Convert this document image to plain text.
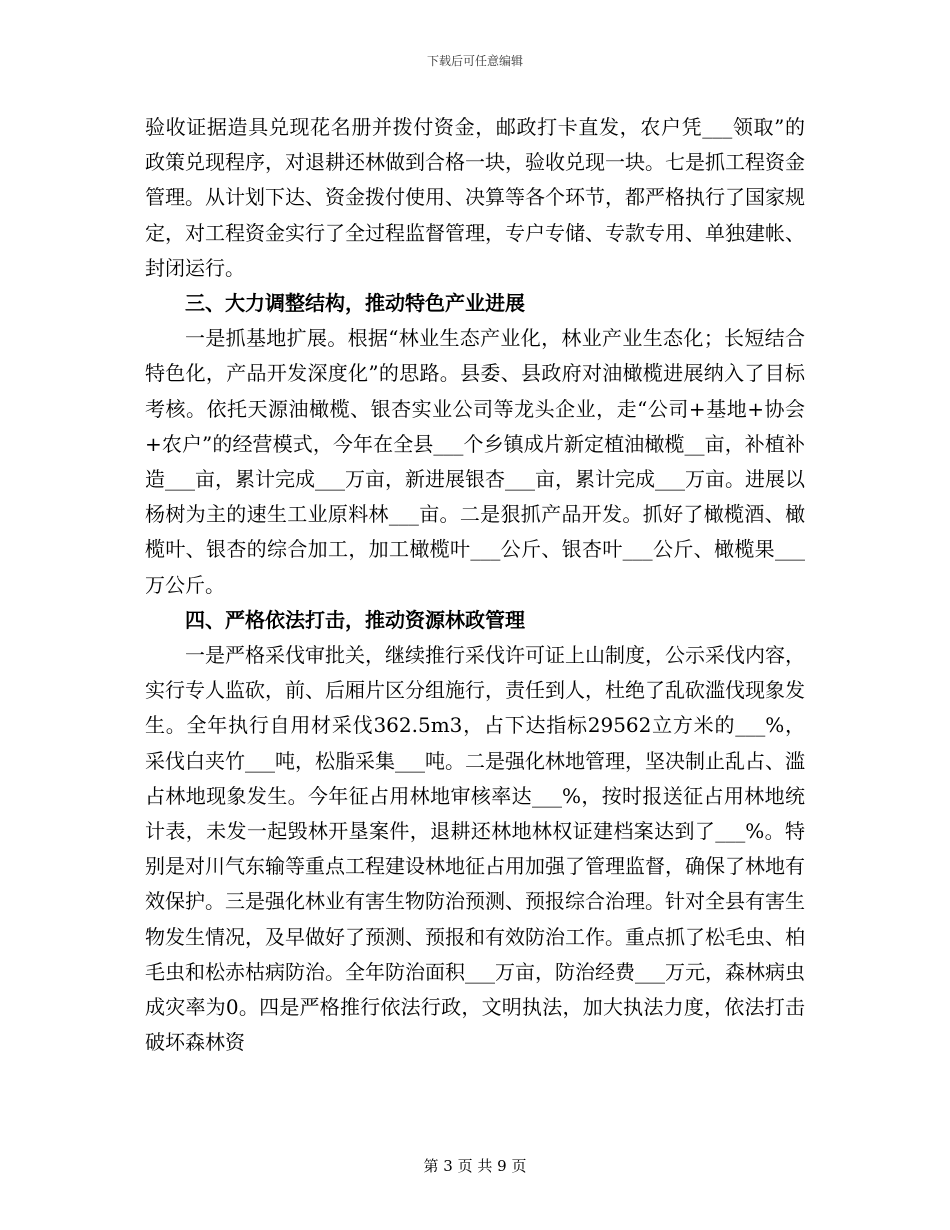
下载后可任意编辑

验收证据造具兑现花名册并拨付资金，邮政打卡直发，农户凭___领取”的政策兑现程序，对退耕还林做到合格一块，验收兑现一块。七是抓工程资金管理。从计划下达、资金拨付使用、决算等各个环节，都严格执行了国家规定，对工程资金实行了全过程监督管理，专户专储、专款专用、单独建帐、封闭运行。

三、大力调整结构，推动特色产业进展

一是抓基地扩展。根据“林业生态产业化，林业产业生态化；长短结合特色化，产品开发深度化”的思路。县委、县政府对油橄榄进展纳入了目标考核。依托天源油橄榄、银杏实业公司等龙头企业，走“公司+基地+协会+农户”的经营模式，今年在全县___个乡镇成片新定植油橄榄__亩，补植补造___亩，累计完成___万亩，新进展银杏___亩，累计完成___万亩。进展以杨树为主的速生工业原料林___亩。二是狠抓产品开发。抓好了橄榄酒、橄榄叶、银杏的综合加工，加工橄榄叶___公斤、银杏叶___公斤、橄榄果___万公斤。

四、严格依法打击，推动资源林政管理

一是严格采伐审批关，继续推行采伐许可证上山制度，公示采伐内容，实行专人监砍，前、后厢片区分组施行，责任到人，杜绝了乱砍滥伐现象发生。全年执行自用材采伐362.5m3，占下达指标29562立方米的___%，采伐白夹竹___吨，松脂采集___吨。二是强化林地管理，坚决制止乱占、滥占林地现象发生。今年征占用林地审核率达___%，按时报送征占用林地统计表，未发一起毁林开垦案件，退耕还林地林权证建档案达到了___%。特别是对川气东输等重点工程建设林地征占用加强了管理监督，确保了林地有效保护。三是强化林业有害生物防治预测、预报综合治理。针对全县有害生物发生情况，及早做好了预测、预报和有效防治工作。重点抓了松毛虫、柏毛虫和松赤枯病防治。全年防治面积___万亩，防治经费___万元，森林病虫成灾率为0。四是严格推行依法行政，文明执法，加大执法力度，依法打击破坏森林资

第 3 页 共 9 页
